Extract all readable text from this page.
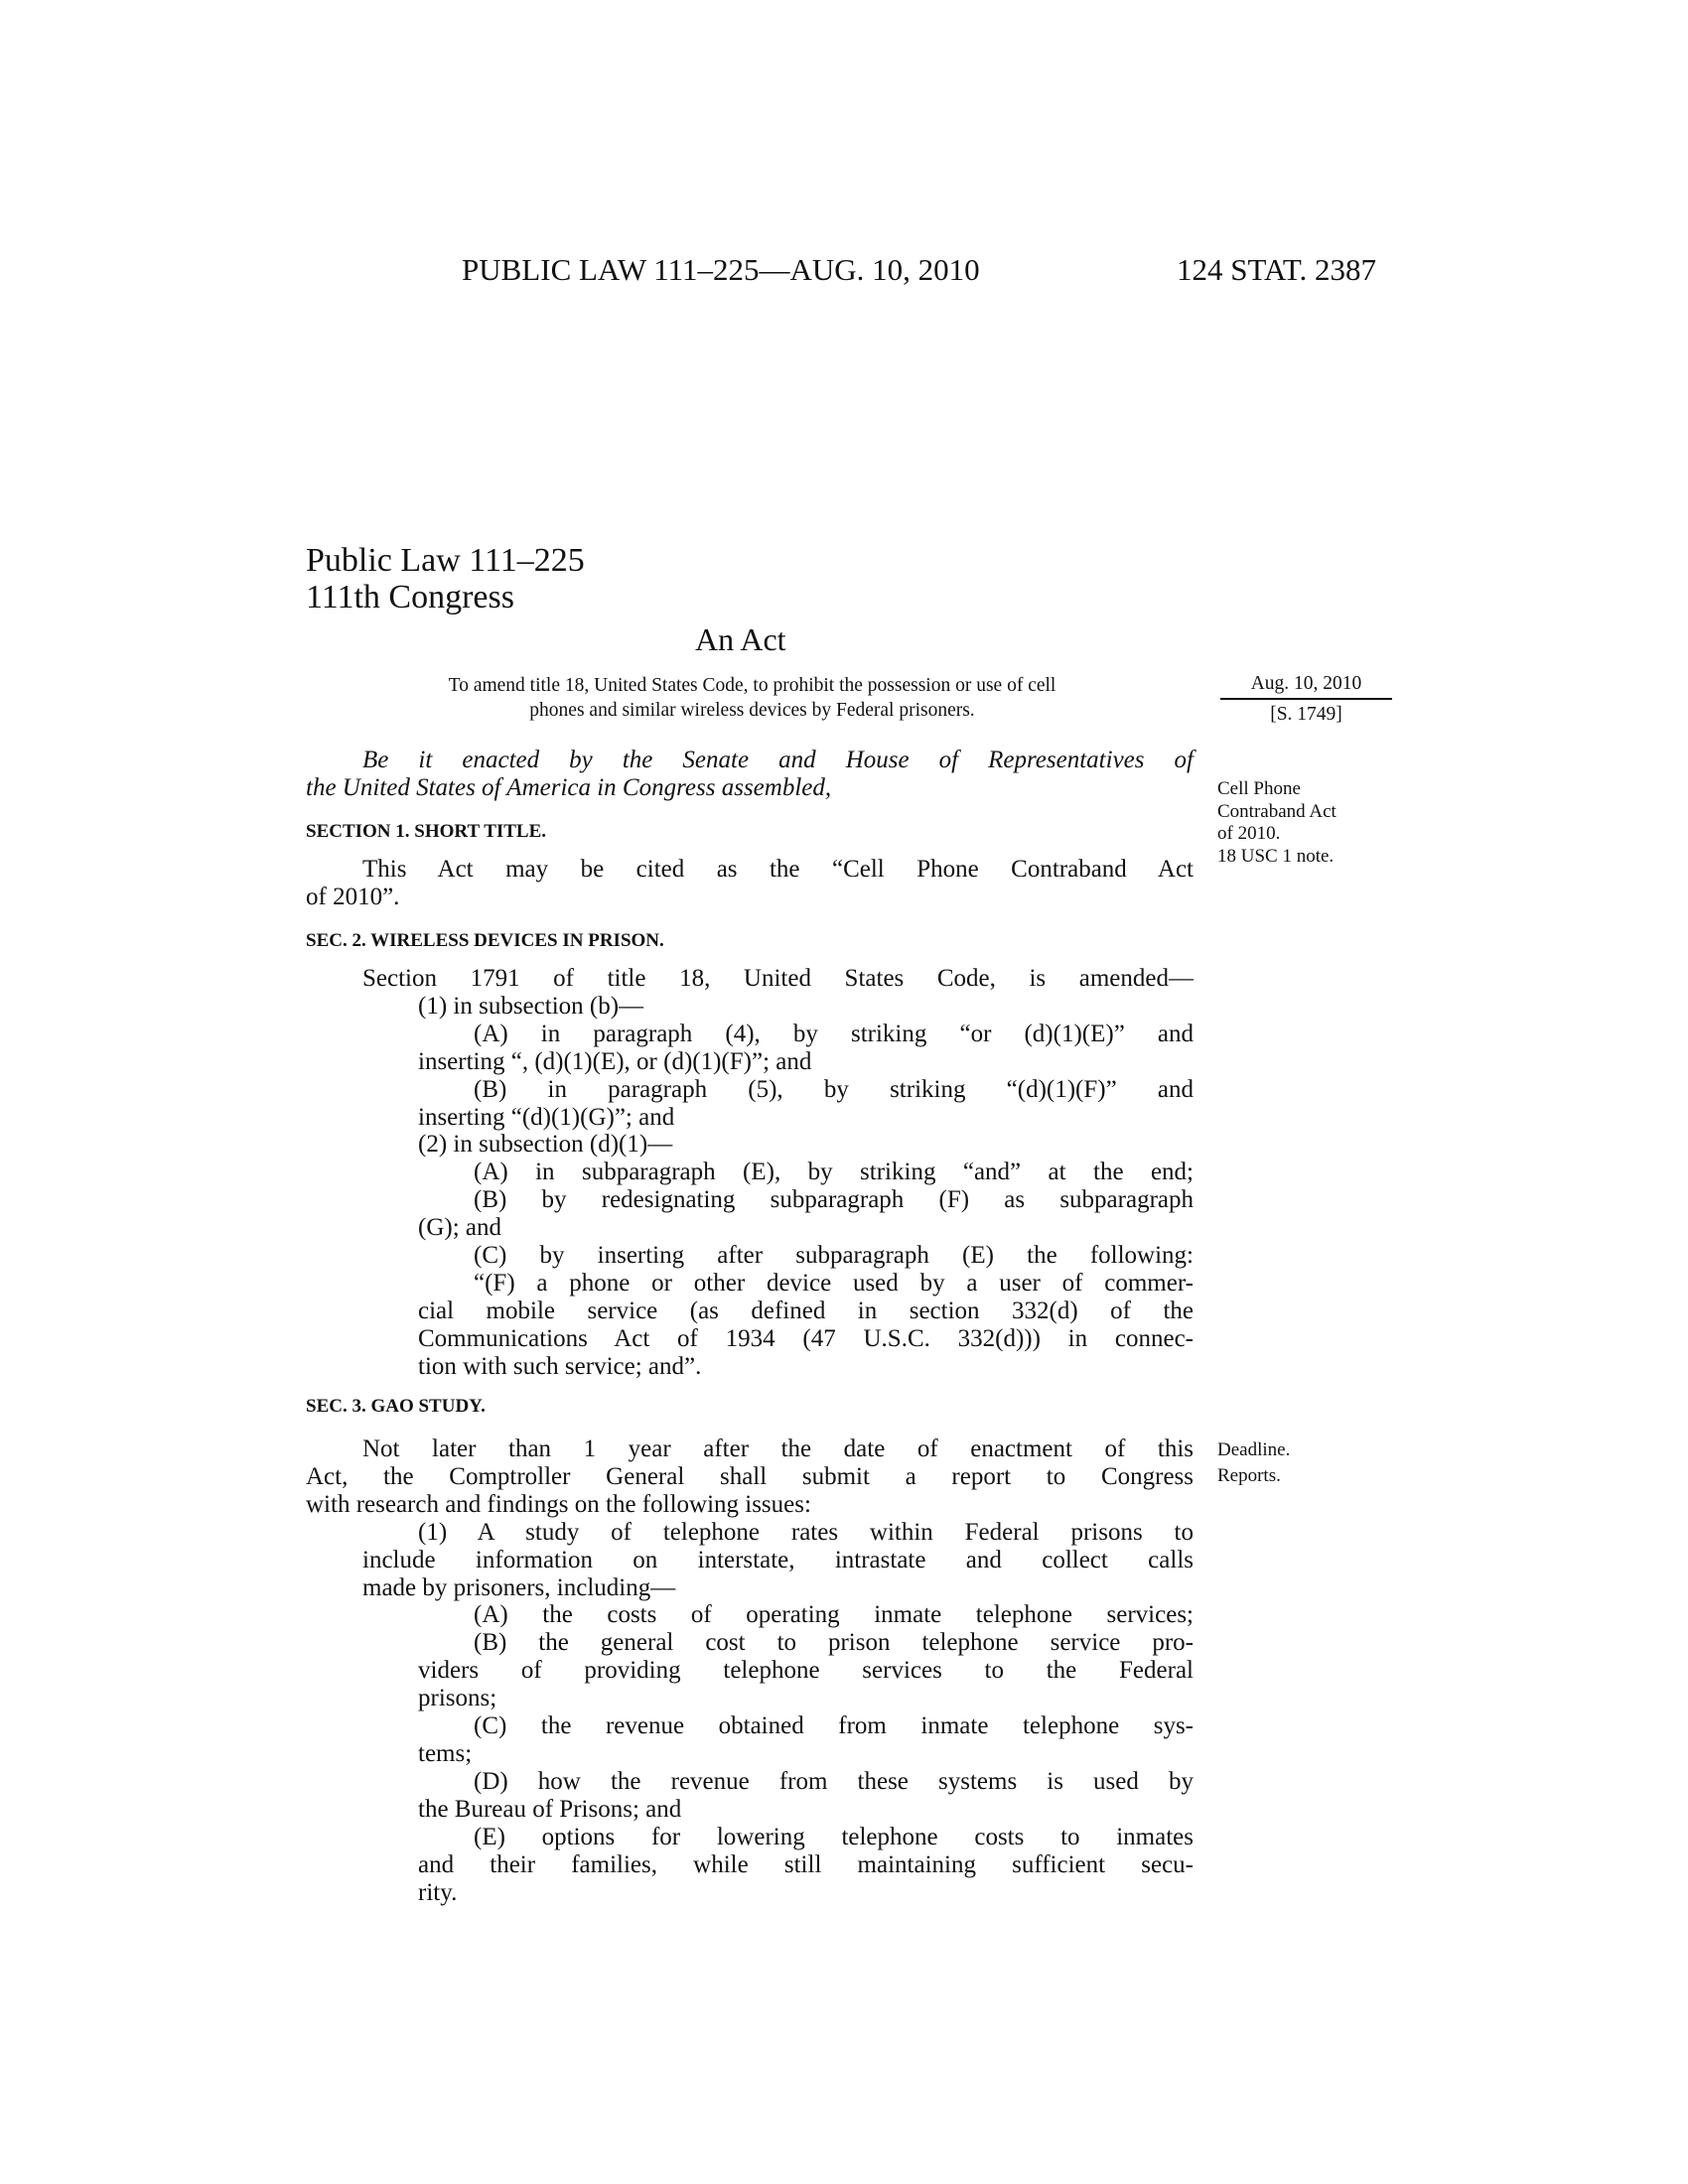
PUBLIC LAW 111–225—AUG. 10, 2010	124 STAT. 2387
Public Law 111–225
111th Congress
An Act
To amend title 18, United States Code, to prohibit the possession or use of cell
phones and similar wireless devices by Federal prisoners.
Aug. 10, 2010
[S. 1749]
Cell Phone
Contraband Act
of 2010.
18 USC 1 note.
Deadline.
Reports.
Be it enacted by the Senate and House of Representatives of
the United States of America in Congress assembled,
SECTION 1. SHORT TITLE.
This Act may be cited as the “Cell Phone Contraband Act
of 2010”.
SEC. 2. WIRELESS DEVICES IN PRISON.
Section 1791 of title 18, United States Code, is amended—
(1) in subsection (b)—
(A) in paragraph (4), by striking “or (d)(1)(E)” and
inserting “, (d)(1)(E), or (d)(1)(F)”; and
(B) in paragraph (5), by striking “(d)(1)(F)” and
inserting “(d)(1)(G)”; and
(2) in subsection (d)(1)—
(A) in subparagraph (E), by striking “and” at the end;
(B) by redesignating subparagraph (F) as subparagraph
(G); and
(C) by inserting after subparagraph (E) the following:
“(F) a phone or other device used by a user of commer-
cial mobile service (as defined in section 332(d) of the
Communications Act of 1934 (47 U.S.C. 332(d))) in connec-
tion with such service; and”.
SEC. 3. GAO STUDY.
Not later than 1 year after the date of enactment of this
Act, the Comptroller General shall submit a report to Congress
with research and findings on the following issues:
(1) A study of telephone rates within Federal prisons to
include information on interstate, intrastate and collect calls
made by prisoners, including—
(A) the costs of operating inmate telephone services;
(B) the general cost to prison telephone service pro-
viders of providing telephone services to the Federal
prisons;
(C) the revenue obtained from inmate telephone sys-
tems;
(D) how the revenue from these systems is used by
the Bureau of Prisons; and
(E) options for lowering telephone costs to inmates
and their families, while still maintaining sufficient secu-
rity.
